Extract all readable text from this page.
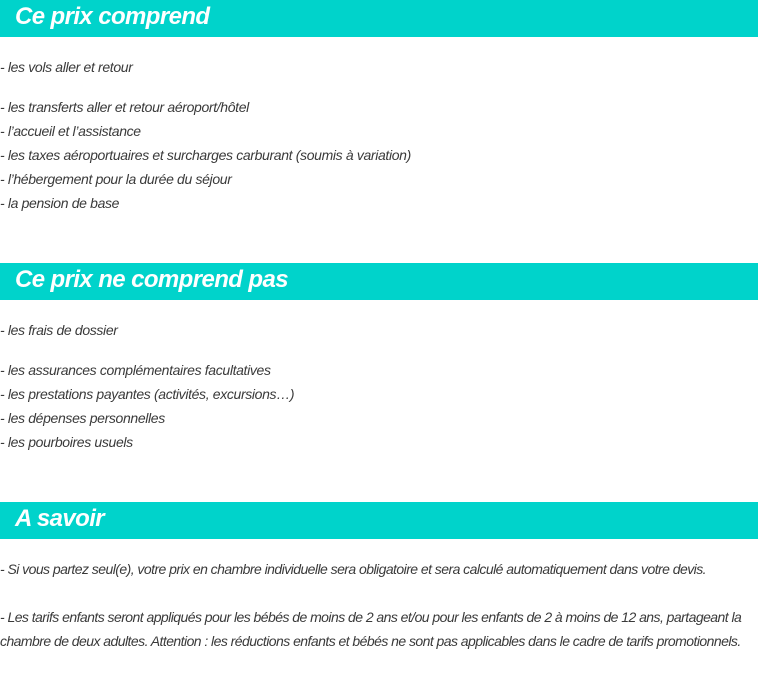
Ce prix comprend
- les vols aller et retour
- les transferts aller et retour aéroport/hôtel
- l’accueil et l’assistance
- les taxes aéroportuaires et surcharges carburant (soumis à variation)
- l’hébergement pour la durée du séjour
- la pension de base
Ce prix ne comprend pas
- les frais de dossier
- les assurances complémentaires facultatives
- les prestations payantes (activités, excursions…)
- les dépenses personnelles
- les pourboires usuels
A savoir
- Si vous partez seul(e), votre prix en chambre individuelle sera obligatoire et sera calculé automatiquement dans votre devis.
- Les tarifs enfants seront appliqués pour les bébés de moins de 2 ans et/ou pour les enfants de 2 à moins de 12 ans, partageant la chambre de deux adultes. Attention : les réductions enfants et bébés ne sont pas applicables dans le cadre de tarifs promotionnels.
